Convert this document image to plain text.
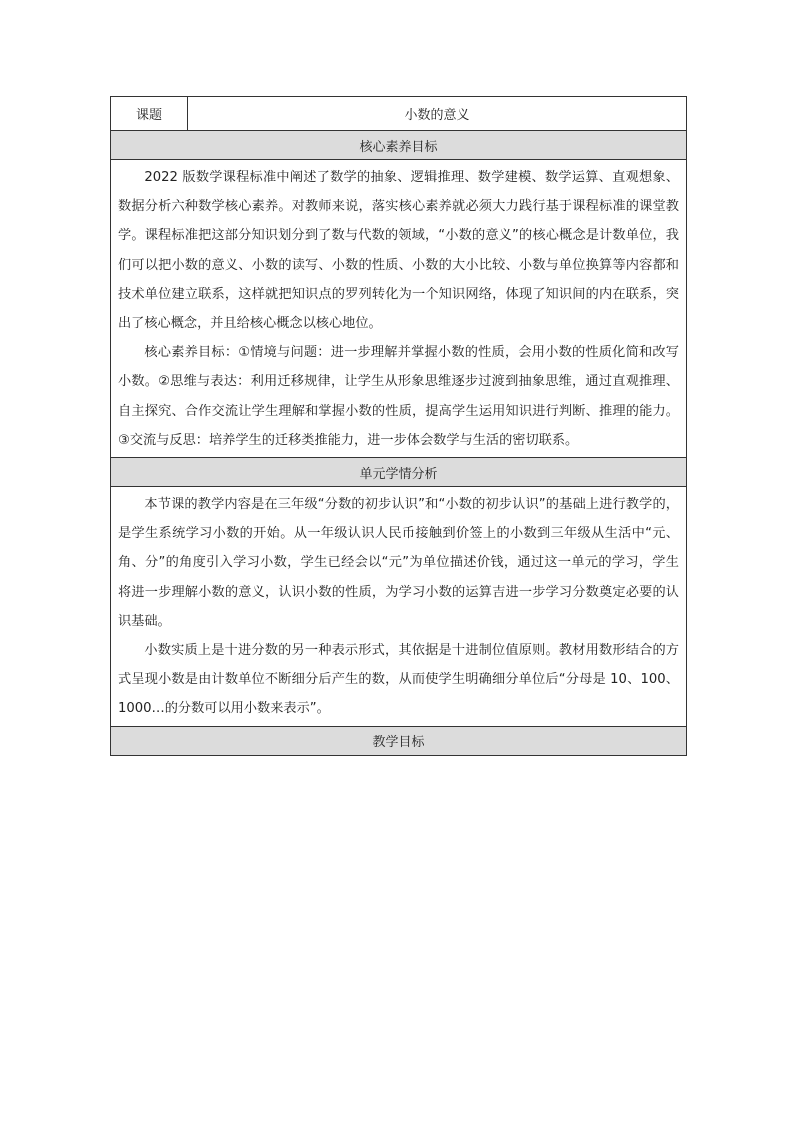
课题	小数的意义
核心素养目标

2022 版数学课程标准中阐述了数学的抽象、逻辑推理、数学建模、数学运算、直观想象、数据分析六种数学核心素养。对教师来说，落实核心素养就必须大力践行基于课程标准的课堂教学。课程标准把这部分知识划分到了数与代数的领域，“小数的意义”的核心概念是计数单位，我们可以把小数的意义、小数的读写、小数的性质、小数的大小比较、小数与单位换算等内容都和技术单位建立联系，这样就把知识点的罗列转化为一个知识网络，体现了知识间的内在联系，突出了核心概念，并且给核心概念以核心地位。

核心素养目标：①情境与问题：进一步理解并掌握小数的性质，会用小数的性质化简和改写小数。②思维与表达：利用迁移规律，让学生从形象思维逐步过渡到抽象思维，通过直观推理、自主探究、合作交流让学生理解和掌握小数的性质，提高学生运用知识进行判断、推理的能力。③交流与反思：培养学生的迁移类推能力，进一步体会数学与生活的密切联系。

单元学情分析

本节课的教学内容是在三年级“分数的初步认识”和“小数的初步认识”的基础上进行教学的，是学生系统学习小数的开始。从一年级认识人民币接触到价签上的小数到三年级从生活中“元、角、分”的角度引入学习小数，学生已经会以“元”为单位描述价钱，通过这一单元的学习，学生将进一步理解小数的意义，认识小数的性质，为学习小数的运算吉进一步学习分数奠定必要的认识基础。

小数实质上是十进分数的另一种表示形式，其依据是十进制位值原则。教材用数形结合的方式呈现小数是由计数单位不断细分后产生的数，从而使学生明确细分单位后“分母是 10、100、1000…的分数可以用小数来表示”。

教学目标
